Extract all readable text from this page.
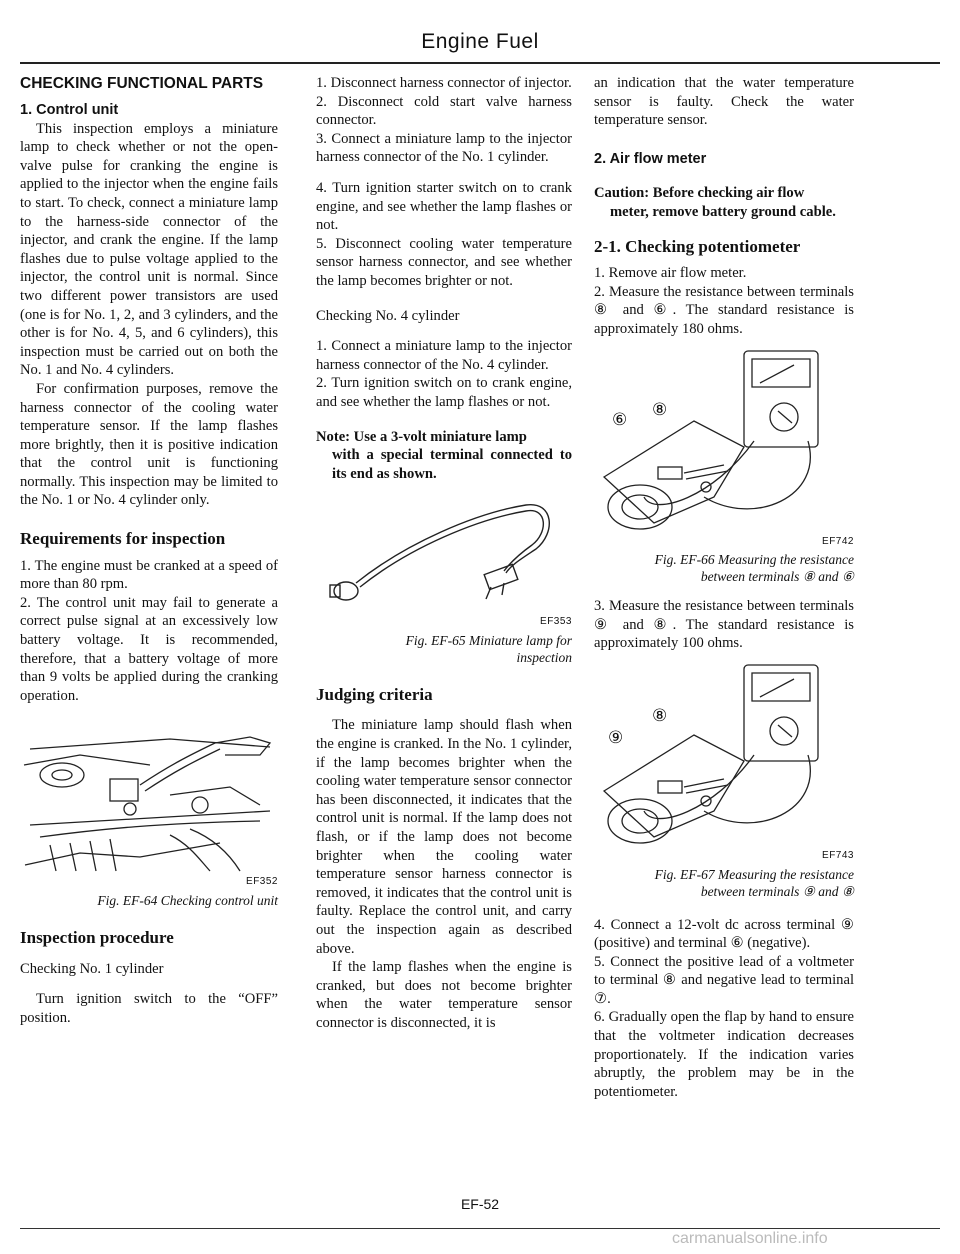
Engine Fuel

CHECKING FUNCTIONAL PARTS

1. Control unit

This inspection employs a miniature lamp to check whether or not the open-valve pulse for cranking the engine is applied to the injector when the engine fails to start. To check, connect a miniature lamp to the harness-side connector of the injector, and crank the engine. If the lamp flashes due to pulse voltage applied to the injector, the control unit is normal. Since two different power transistors are used (one is for No. 1, 2, and 3 cylinders, and the other is for No. 4, 5, and 6 cylinders), this inspection must be carried out on both the No. 1 and No. 4 cylinders.

For confirmation purposes, remove the harness connector of the cooling water temperature sensor. If the lamp flashes more brightly, then it is positive indication that the control unit is functioning normally. This inspection may be limited to the No. 1 or No. 4 cylinder only.

Requirements for inspection

1. The engine must be cranked at a speed of more than 80 rpm.

2. The control unit may fail to generate a correct pulse signal at an excessively low battery voltage. It is recommended, therefore, that a battery voltage of more than 9 volts be applied during the cranking operation.

EF352
Fig. EF-64 Checking control unit

Inspection procedure

Checking No. 1 cylinder

Turn ignition switch to the “OFF” position.

1. Disconnect harness connector of injector.

2. Disconnect cold start valve harness connector.

3. Connect a miniature lamp to the injector harness connector of the No. 1 cylinder.

4. Turn ignition starter switch on to crank engine, and see whether the lamp flashes or not.

5. Disconnect cooling water temperature sensor harness connector, and see whether the lamp becomes brighter or not.

Checking No. 4 cylinder

1. Connect a miniature lamp to the injector harness connector of the No. 4 cylinder.

2. Turn ignition switch on to crank engine, and see whether the lamp flashes or not.

Note: Use a 3-volt miniature lamp
with a special terminal connected to its end as shown.

EF353
Fig. EF-65 Miniature lamp for
inspection

Judging criteria

The miniature lamp should flash when the engine is cranked. In the No. 1 cylinder, if the lamp becomes brighter when the cooling water temperature sensor connector has been disconnected, it indicates that the control unit is normal. If the lamp does not flash, or if the lamp does not become brighter when the cooling water temperature sensor harness connector is removed, it indicates that the control unit is faulty. Replace the control unit, and carry out the inspection again as described above.

If the lamp flashes when the engine is cranked, but does not become brighter when the water temperature sensor connector is disconnected, it is

an indication that the water temperature sensor is faulty. Check the water temperature sensor.

2. Air flow meter

Caution: Before checking air flow
meter, remove battery ground cable.

2-1. Checking potentiometer

1. Remove air flow meter.

2. Measure the resistance between terminals ⑧ and ⑥. The standard resistance is approximately 180 ohms.

⑥
⑧
EF742
Fig. EF-66 Measuring the resistance
between terminals ⑧ and ⑥

3. Measure the resistance between terminals ⑨ and ⑧. The standard resistance is approximately 100 ohms.

⑨
⑧
EF743
Fig. EF-67 Measuring the resistance
between terminals ⑨ and ⑧

4. Connect a 12-volt dc across terminal ⑨ (positive) and terminal ⑥ (negative).

5. Connect the positive lead of a voltmeter to terminal ⑧ and negative lead to terminal ⑦.

6. Gradually open the flap by hand to ensure that the voltmeter indication decreases proportionately. If the indication varies abruptly, the problem may be in the potentiometer.

EF-52
carmanualsonline.info
